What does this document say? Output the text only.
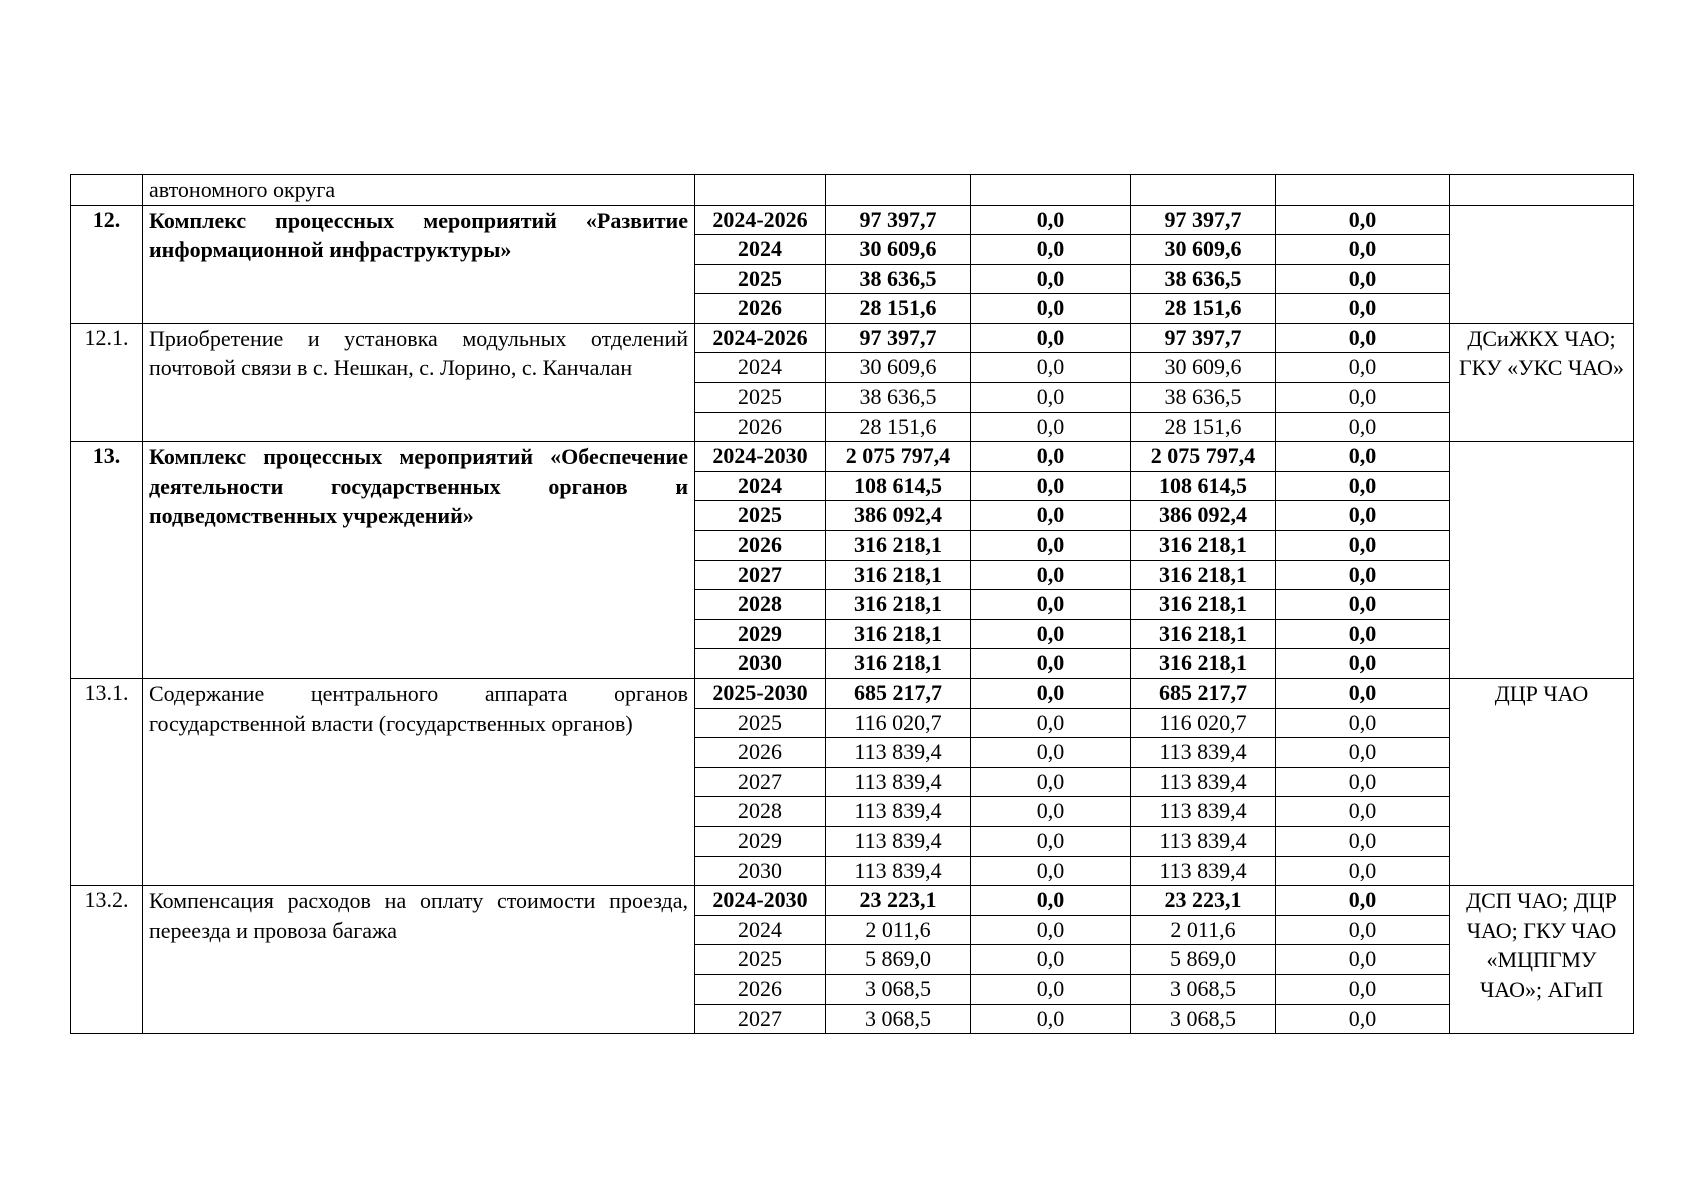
	автономного округа						
12.	Комплекс процессных мероприятий «Развитие информационной инфраструктуры»	2024-2026	97 397,7	0,0	97 397,7	0,0	
		2024	30 609,6	0,0	30 609,6	0,0	
		2025	38 636,5	0,0	38 636,5	0,0	
		2026	28 151,6	0,0	28 151,6	0,0	
12.1.	Приобретение и установка модульных отделений почтовой связи в с. Нешкан, с. Лорино, с. Канчалан	2024-2026	97 397,7	0,0	97 397,7	0,0	ДСиЖКХ ЧАО; ГКУ «УКС ЧАО»
		2024	30 609,6	0,0	30 609,6	0,0	
		2025	38 636,5	0,0	38 636,5	0,0	
		2026	28 151,6	0,0	28 151,6	0,0	
13.	Комплекс процессных мероприятий «Обеспечение деятельности государственных органов и подведомственных учреждений»	2024-2030	2 075 797,4	0,0	2 075 797,4	0,0	
		2024	108 614,5	0,0	108 614,5	0,0	
		2025	386 092,4	0,0	386 092,4	0,0	
		2026	316 218,1	0,0	316 218,1	0,0	
		2027	316 218,1	0,0	316 218,1	0,0	
		2028	316 218,1	0,0	316 218,1	0,0	
		2029	316 218,1	0,0	316 218,1	0,0	
		2030	316 218,1	0,0	316 218,1	0,0	
13.1.	Содержание центрального аппарата органов государственной власти (государственных органов)	2025-2030	685 217,7	0,0	685 217,7	0,0	ДЦР ЧАО
		2025	116 020,7	0,0	116 020,7	0,0	
		2026	113 839,4	0,0	113 839,4	0,0	
		2027	113 839,4	0,0	113 839,4	0,0	
		2028	113 839,4	0,0	113 839,4	0,0	
		2029	113 839,4	0,0	113 839,4	0,0	
		2030	113 839,4	0,0	113 839,4	0,0	
13.2.	Компенсация расходов на оплату стоимости проезда, переезда и провоза багажа	2024-2030	23 223,1	0,0	23 223,1	0,0	ДСП ЧАО; ДЦР ЧАО; ГКУ ЧАО «МЦПГМУ ЧАО»; АГиП
		2024	2 011,6	0,0	2 011,6	0,0	
		2025	5 869,0	0,0	5 869,0	0,0	
		2026	3 068,5	0,0	3 068,5	0,0	
		2027	3 068,5	0,0	3 068,5	0,0	
